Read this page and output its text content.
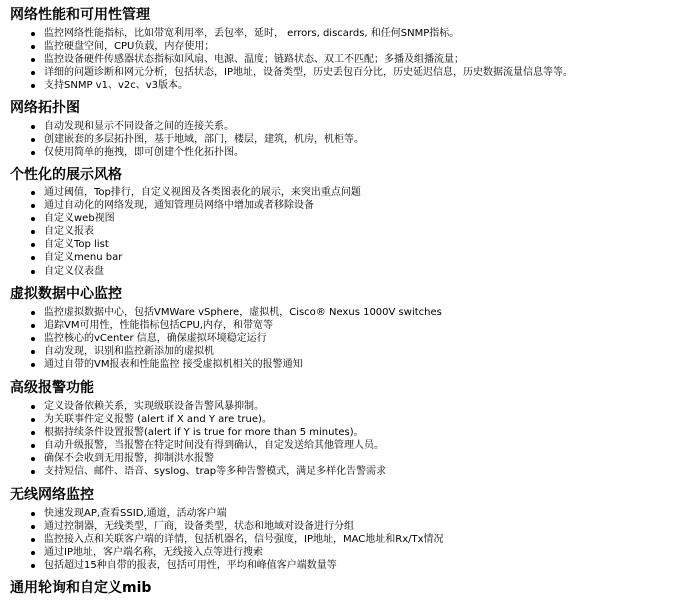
网络性能和可用性管理
监控网络性能指标，比如带宽利用率，丢包率，延时， errors, discards, 和任何SNMP指标。
监控硬盘空间，CPU负载，内存使用；
监控设备硬件传感器状态指标如风扇、电源、温度；链路状态、双工不匹配；多播及组播流量；
详细的问题诊断和网元分析，包括状态，IP地址，设备类型，历史丢包百分比，历史延迟信息，历史数据流量信息等等。
支持SNMP v1、v2c、v3版本。
网络拓扑图
自动发现和显示不同设备之间的连接关系。
创建嵌套的多层拓扑图，基于地域，部门，楼层，建筑，机房，机柜等。
仅使用简单的拖拽，即可创建个性化拓扑图。
个性化的展示风格
通过阈值，Top排行，自定义视图及各类图表化的展示，来突出重点问题
通过自动化的网络发现，通知管理员网络中增加或者移除设备
自定义web视图
自定义报表
自定义Top list
自定义menu bar
自定义仪表盘
虚拟数据中心监控
监控虚拟数据中心，包括VMWare vSphere，虚拟机，Cisco® Nexus 1000V switches
追踪VM可用性，性能指标包括CPU,内存，和带宽等
监控核心的vCenter 信息，确保虚拟环境稳定运行
自动发现，识别和监控新添加的虚拟机
通过自带的VM报表和性能监控 接受虚拟机相关的报警通知
高级报警功能
定义设备依赖关系，实现级联设备告警风暴抑制。
为关联事件定义报警 (alert if X and Y are true)。
根据持续条件设置报警(alert if Y is true for more than 5 minutes)。
自动升级报警，当报警在特定时间没有得到确认，自定发送给其他管理人员。
确保不会收到无用报警，抑制洪水报警
支持短信、邮件、语音、syslog、trap等多种告警模式，满足多样化告警需求
无线网络监控
快速发现AP,查看SSID,通道，活动客户端
通过控制器，无线类型，厂商，设备类型，状态和地域对设备进行分组
监控接入点和关联客户端的详情，包括机器名，信号强度，IP地址，MAC地址和Rx/Tx情况
通过IP地址，客户端名称，无线接入点等进行搜索
包括超过15种自带的报表，包括可用性，平均和峰值客户端数量等
通用轮询和自定义mib
